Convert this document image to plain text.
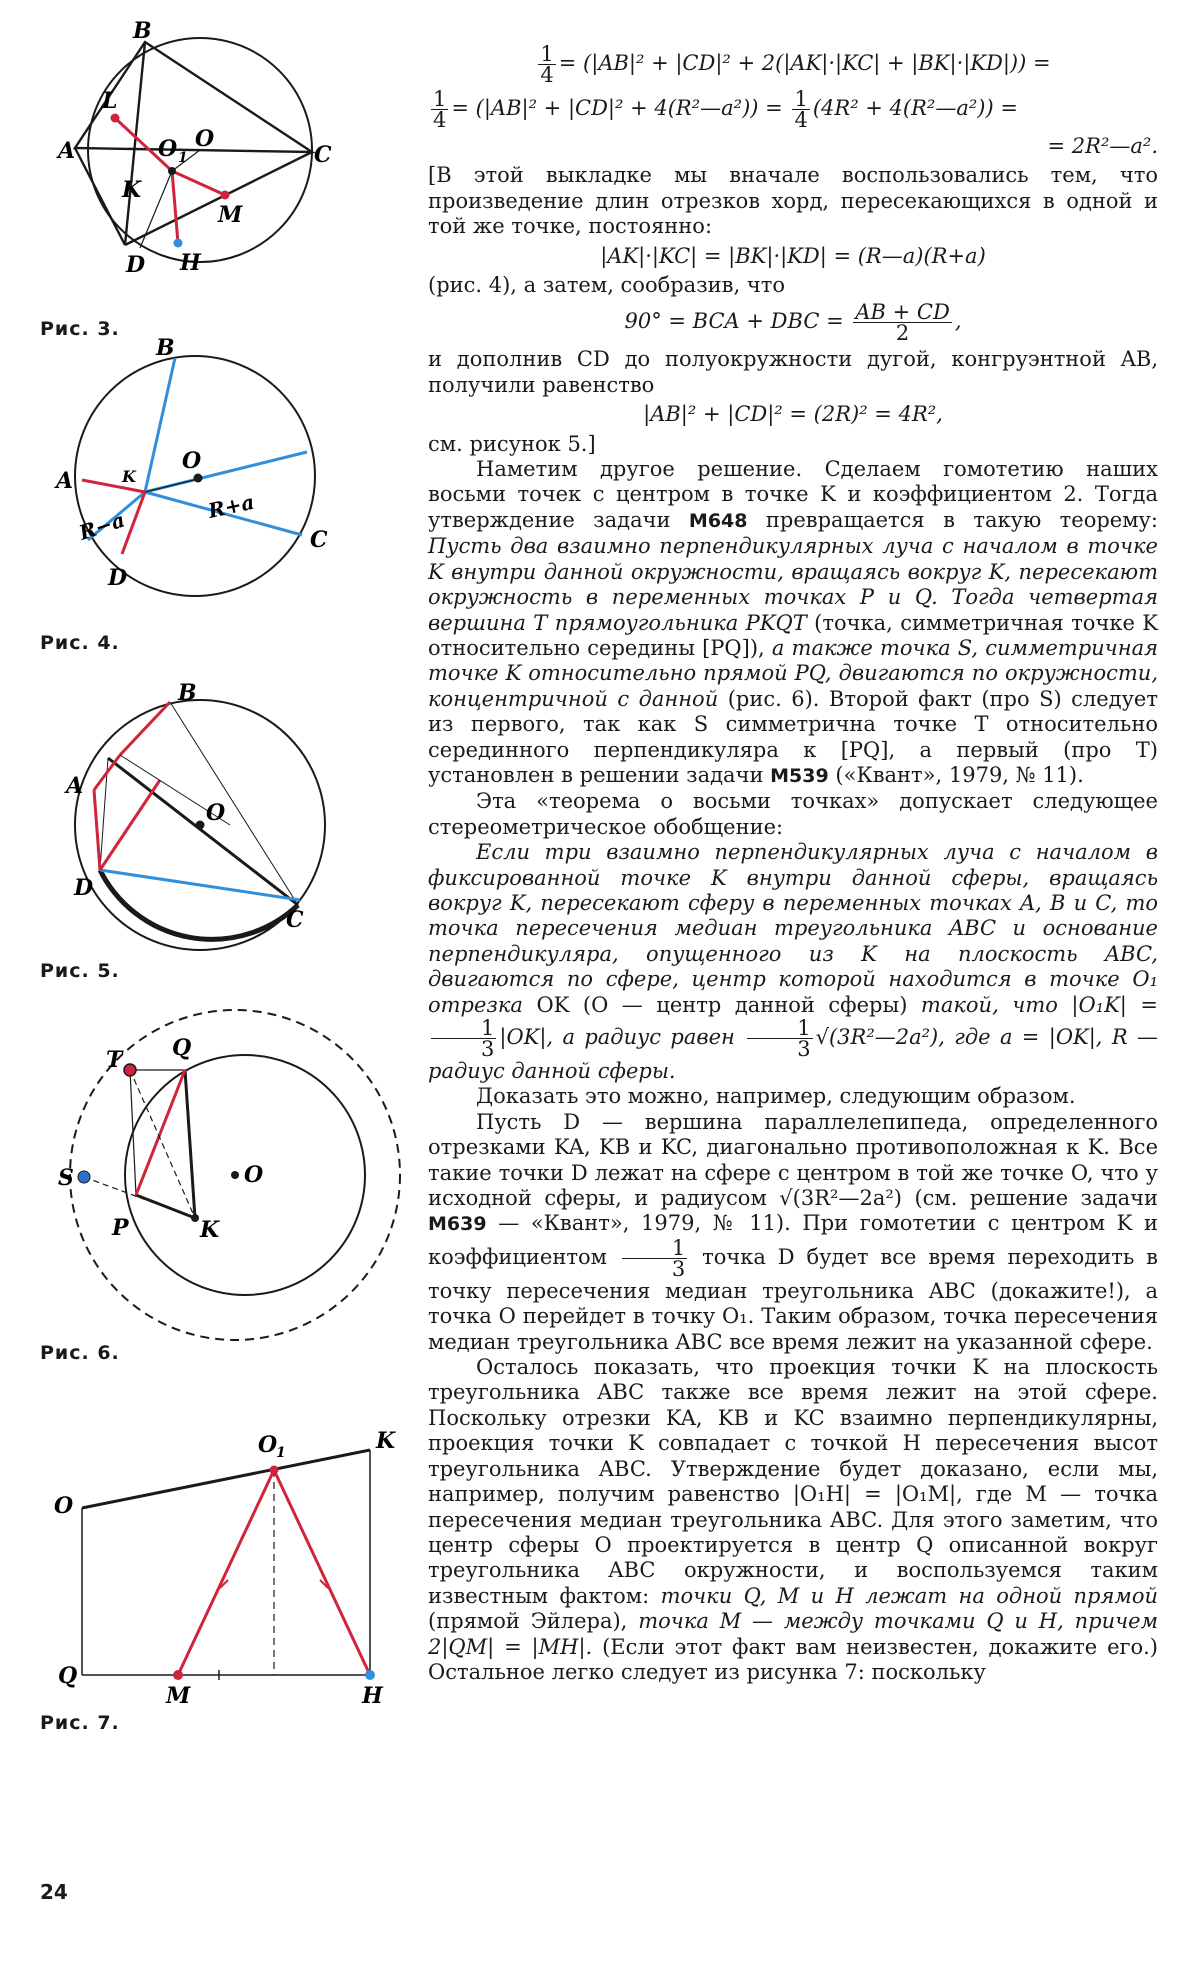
B
L
O 1
O
A
K
C
M
H
D
Рис. 3.
B
O
A	K
C
D
R+a
R−a
Рис. 4.
B
A
O
D
C
Рис. 5.
T Q
S	O
P	K
Рис. 6.
O
1	K
O
Q
M	H
Рис. 7.
$\frac{1}{4} = (|AB|^2 + |CD|^2 + 2(|AK|\cdot|KC| + |BK|\cdot|KD|))$ =
$\frac{1}{4} = (|AB|^2 + |CD|^2$ + 4(R²—a²)) = $\frac{1}{4} (4R^2$ + 4(R²—a²)) =
= 2R²—a².

[В этой выкладке мы вначале воспользовались тем, что произведение длин отрезков хорд, пересекающихся в одной и той же точке, постоянно:

|AK|·|KC| = |BK|·|KD| = (R—a)(R+a)

(рис. 4), а затем, сообразив, что

90° = BCA + DBC = $\frac{AB + CD}{2}$ ,

и дополнив CD до полуокружности дугой, конгруэнтной AB, получили равенство

|AB|² + |CD|² = (2R)² = 4R²,

см. рисунок 5.]

Наметим другое решение. Сделаем гомотетию наших восьми точек с центром в точке K и коэффициентом 2. Тогда утверждение задачи М648 превращается в такую теорему: Пусть два взаимно перпендикулярных луча с началом в точке K внутри данной окружности, вращаясь вокруг K, пересекают окружность в переменных точках P и Q. Тогда четвертая вершина T прямоугольника PKQT (точка, симметричная точке K относительно середины [PQ]), а также точка S, симметричная точке K относительно прямой PQ, двигаются по окружности, концентричной с данной (рис. 6). Второй факт (про S) следует из первого, так как S симметрична точке T относительно серединного перпендикуляра к [PQ], а первый (про T) установлен в решении задачи М539 («Квант», 1979, № 11).

Эта «теорема о восьми точках» допускает следующее стереометрическое обобщение:

Если три взаимно перпендикулярных луча с началом в фиксированной точке K внутри данной сферы, вращаясь вокруг K, пересекают сферу в переменных точках A, B и C, то точка пересечения медиан треугольника ABC и основание перпендикуляра, опущенного из K на плоскость ABC, двигаются по сфере, центр которой находится в точке O₁ отрезка OK (O — центр данной сферы) такой, что |O₁K| =
$\frac{1}{3} |OK|$, а радиус равен $\frac{1}{3}$ √(3R²—2a²), где a = |OK|, R — радиус данной сферы.

Доказать это можно, например, следующим образом.

Пусть D — вершина параллелепипеда, определенного отрезками KA, KB и KC, диагонально противоположная к K. Все такие точки D лежат на сфере с центром в той же точке O, что у исходной сферы, и радиусом √(3R²—2a²) (см. решение задачи М639 — «Квант», 1979, № 11). При гомотетии с центром K и коэффициентом $\frac{1}{3}$ точка D будет все время переходить в точку пересечения медиан треугольника ABC (докажите!), а точка O перейдет в точку O₁. Таким образом, точка пересечения медиан треугольника ABC все время лежит на указанной сфере.

Осталось показать, что проекция точки K на плоскость треугольника ABC также все время лежит на этой сфере. Поскольку отрезки KA, KB и KC взаимно перпендикулярны, проекция точки K совпадает с точкой H пересечения высот треугольника ABC. Утверждение будет доказано, если мы, например, получим равенство |O₁H| = |O₁M|, где M — точка пересечения медиан треугольника ABC. Для этого заметим, что центр сферы O проектируется в центр Q описанной вокруг треугольника ABC окружности, и воспользуемся таким известным фактом: точки Q, M и H лежат на одной прямой (прямой Эйлера), точка M — между точками Q и H, причем 2|QM| = |MH|. (Если этот факт вам неизвестен, докажите его.) Остальное легко следует из рисунка 7: поскольку

24
